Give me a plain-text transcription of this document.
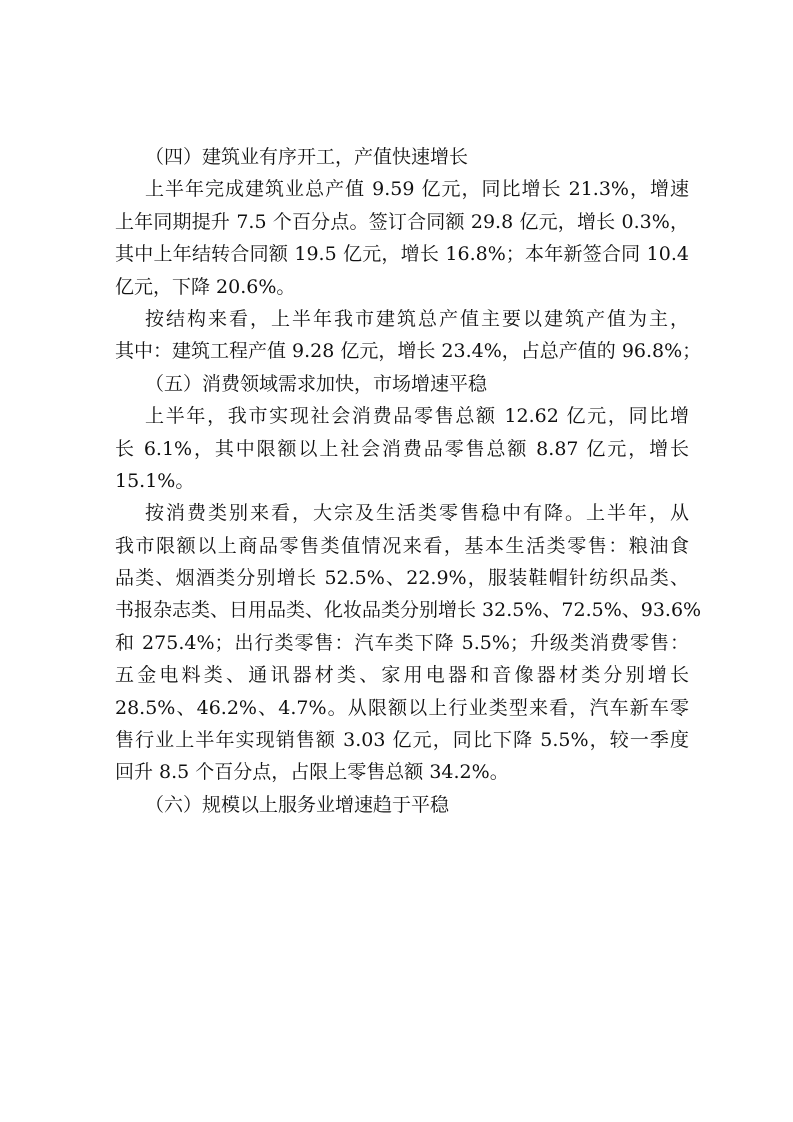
（四）建筑业有序开工，产值快速增长
上半年完成建筑业总产值 9.59 亿元，同比增长 21.3%，增速
上年同期提升 7.5 个百分点。签订合同额 29.8 亿元，增长 0.3%，
其中上年结转合同额 19.5 亿元，增长 16.8%；本年新签合同 10.4
亿元，下降 20.6%。
按结构来看，上半年我市建筑总产值主要以建筑产值为主，
其中：建筑工程产值 9.28 亿元，增长 23.4%，占总产值的 96.8%；
（五）消费领域需求加快，市场增速平稳
上半年，我市实现社会消费品零售总额 12.62 亿元，同比增
长 6.1%，其中限额以上社会消费品零售总额 8.87 亿元，增长
15.1%。
按消费类别来看，大宗及生活类零售稳中有降。上半年，从
我市限额以上商品零售类值情况来看，基本生活类零售：粮油食
品类、烟酒类分别增长 52.5%、22.9%，服装鞋帽针纺织品类、
书报杂志类、日用品类、化妆品类分别增长 32.5%、72.5%、93.6%
和 275.4%；出行类零售：汽车类下降 5.5%；升级类消费零售：
五金电料类、通讯器材类、家用电器和音像器材类分别增长
28.5%、46.2%、4.7%。从限额以上行业类型来看，汽车新车零
售行业上半年实现销售额 3.03 亿元，同比下降 5.5%，较一季度
回升 8.5 个百分点，占限上零售总额 34.2%。
（六）规模以上服务业增速趋于平稳
